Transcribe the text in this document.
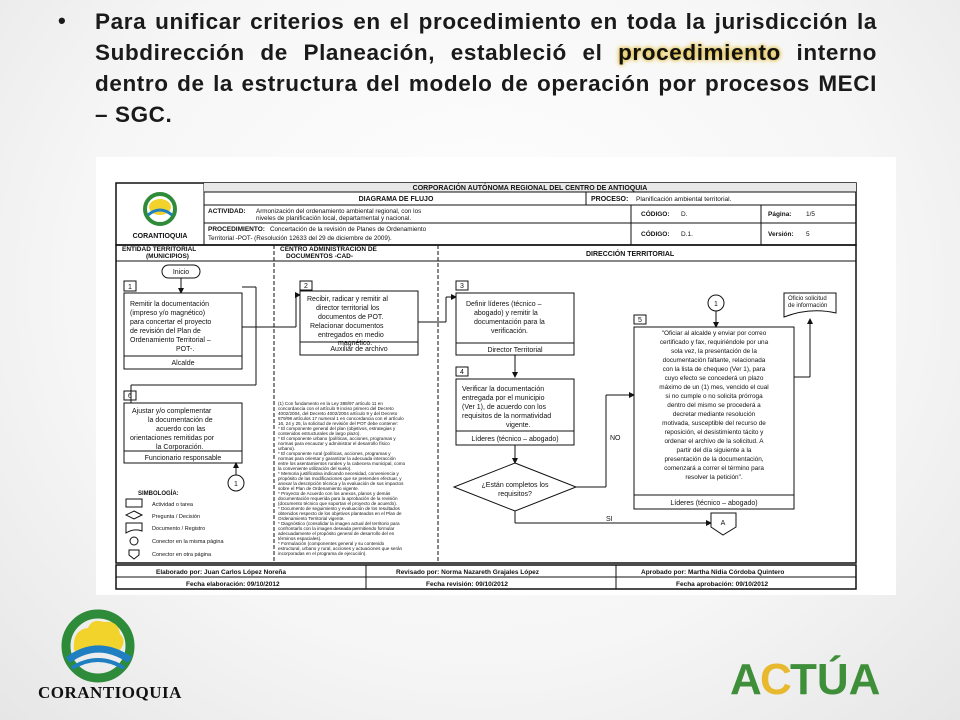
• Para unificar criterios en el procedimiento en toda la jurisdicción la Subdirección de Planeación, estableció el procedimiento interno dentro de la estructura del modelo de operación por procesos MECI – SGC.
CORANTIOQUIA
CORPORACIÓN AUTÓNOMA REGIONAL DEL CENTRO DE ANTIOQUIA
DIAGRAMA DE FLUJO	PROCESO: Planificación ambiental territorial.
ACTIVIDAD: Armonización del ordenamiento ambiental regional, con los
niveles de planificación local, departamental y nacional.
PROCEDIMIENTO: Concertación de la revisión de Planes de Ordenamiento
Territorial -POT- (Resolución 12633 del 29 de diciembre de 2009).
CÓDIGO: D.
CÓDIGO: D.1.
Página: 1/5
Versión: 5
ENTIDAD TERRITORIAL
(MUNICIPIOS)
CENTRO ADMINISTRACIÓN DE
DOCUMENTOS -CAD-	DIRECCIÓN TERRITORIAL
Inicio
1
Remitir la documentación
(impreso y/o magnético)
para concertar el proyecto
de revisión del Plan de
Ordenamiento Territorial –
POT-.
Alcalde
2
Recibir, radicar y remitir al
director territorial los
documentos de POT.
Relacionar documentos
entregados en medio
magnético.
Auxiliar de archivo
3
Definir líderes (técnico –
abogado) y remitir la
documentación para la
verificación.
Director Territorial
4
Verificar la documentación
entregada por el municipio
(Ver 1), de acuerdo con los
requisitos de la normatividad
vigente.
Líderes (técnico – abogado)
¿Están completos los
requisitos?
NO
SI
A
5
"Oficiar al alcalde y enviar por correo
certificado y fax, requiriéndole por una
sola vez, la presentación de la
documentación faltante, relacionada
con la lista de chequeo (Ver 1), para
cuyo efecto se concederá un plazo
máximo de un (1) mes, vencido el cual
si no cumple o no solicita prórroga
dentro del mismo se procederá a
decretar mediante resolución
motivada, susceptible del recurso de
reposición, el desistimiento tácito y
ordenar el archivo de la solicitud. A
partir del día siguiente a la
presentación de la documentación,
comenzará a correr el término para
resolver la petición".
Líderes (técnico – abogado)
1
Oficio solicitud
de información
6
Ajustar y/o complementar
la documentación de
acuerdo con las
orientaciones remitidas por
la Corporación.
Funcionario responsable
1
SIMBOLOGÍA:
Actividad o tarea
Pregunta / Decisión
Documento / Registro
Conector en la misma página
Conector en otra página
(1) Con fundamento en la Ley 388/97 artículo 11 en
concordancia con el artículo 9 inciso primero del Decreto
4002/2004, del Decreto 4002/2004 artículo 9 y del Decreto
879/98 artículos 17 numeral 1 en concordancia con el artículo
16, 24 y 25, la solicitud de revisión del POT debe contener:
* El componente general del plan (objetivos, estrategias y
contenidos estructurales de largo plazo).
* El componente urbano (políticas, acciones, programas y
normas para encauzar y administrar el desarrollo físico
urbano).
* El componente rural (políticas, acciones, programas y
normas para orientar y garantizar la adecuada interacción
entre los asentamientos rurales y la cabecera municipal, como
la conveniente utilización del suelo).
* Memoria justificativa indicando necesidad, conveniencia y
propósito de las modificaciones que se pretenden efectuar, y
anexar la descripción técnica y la evaluación de sus impactos
sobre el Plan de Ordenamiento vigente.
* Proyecto de Acuerdo con los anexos, planos y demás
documentación requerida para la aprobación de la revisión
(documento técnico que soportan el proyecto de acuerdo).
* Documento de seguimiento y evaluación de los resultados
obtenidos respecto de los objetivos planteados en el Plan de
Ordenamiento Territorial vigente.
* Diagnóstico (consolidar la imagen actual del territorio para
confrontarlo con la imagen deseada permitiendo formular
adecuadamente el propósito general de desarrollo del en
términos espaciales).
* Formulación (componentes general y su contenido
estructural, urbano y rural, acciones y actuaciones que serán
incorporadas en el programa de ejecución).
Elaborado por: Juan Carlos López Noreña
Fecha elaboración: 09/10/2012
Revisado por: Norma Nazareth Grajales López
Fecha revisión: 09/10/2012
Aprobado por: Martha Nidia Córdoba Quintero
Fecha aprobación: 09/10/2012
CORANTIOQUIA	A
C
TÚA
